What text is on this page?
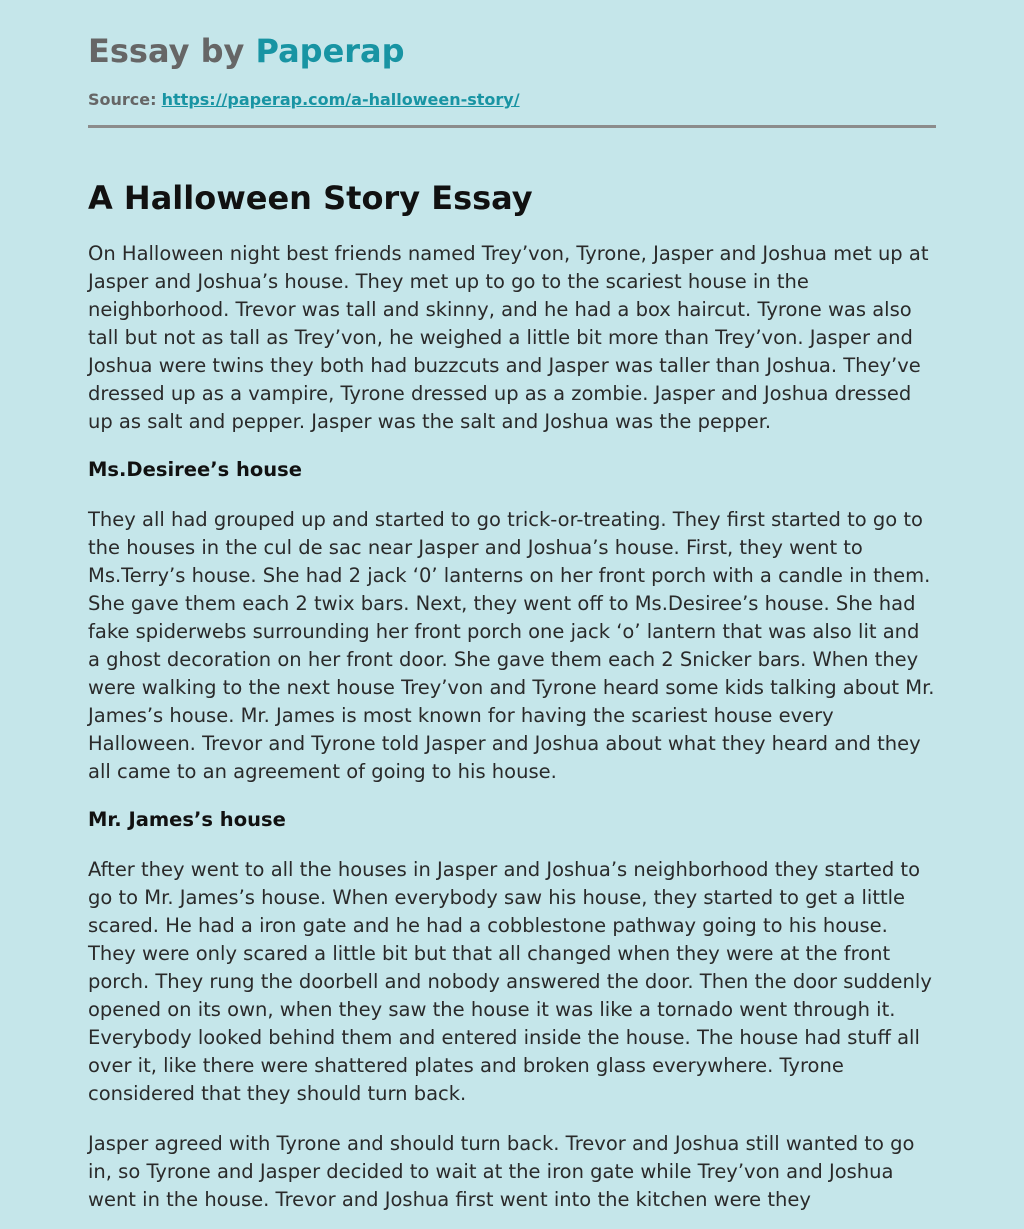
Essay by Paperap
Source: https://paperap.com/a-halloween-story/
A Halloween Story Essay

On Halloween night best friends named Trey’von, Tyrone, Jasper and Joshua met up at Jasper and Joshua’s house. They met up to go to the scariest house in the neighborhood. Trevor was tall and skinny, and he had a box haircut. Tyrone was also tall but not as tall as Trey’von, he weighed a little bit more than Trey’von. Jasper and Joshua were twins they both had buzzcuts and Jasper was taller than Joshua. They’ve dressed up as a vampire, Tyrone dressed up as a zombie. Jasper and Joshua dressed up as salt and pepper. Jasper was the salt and Joshua was the pepper.

Ms.Desiree’s house

They all had grouped up and started to go trick-or-treating. They first started to go to the houses in the cul de sac near Jasper and Joshua’s house. First, they went to Ms.Terry’s house. She had 2 jack ‘0’ lanterns on her front porch with a candle in them. She gave them each 2 twix bars. Next, they went off to Ms.Desiree’s house. She had fake spiderwebs surrounding her front porch one jack ‘o’ lantern that was also lit and a ghost decoration on her front door. She gave them each 2 Snicker bars. When they were walking to the next house Trey’von and Tyrone heard some kids talking about Mr. James’s house. Mr. James is most known for having the scariest house every Halloween. Trevor and Tyrone told Jasper and Joshua about what they heard and they all came to an agreement of going to his house.

Mr. James’s house

After they went to all the houses in Jasper and Joshua’s neighborhood they started to go to Mr. James’s house. When everybody saw his house, they started to get a little scared. He had a iron gate and he had a cobblestone pathway going to his house. They were only scared a little bit but that all changed when they were at the front porch. They rung the doorbell and nobody answered the door. Then the door suddenly opened on its own, when they saw the house it was like a tornado went through it. Everybody looked behind them and entered inside the house. The house had stuff all over it, like there were shattered plates and broken glass everywhere. Tyrone considered that they should turn back.

Jasper agreed with Tyrone and should turn back. Trevor and Joshua still wanted to go in, so Tyrone and Jasper decided to wait at the iron gate while Trey’von and Joshua went in the house. Trevor and Joshua first went into the kitchen were they
